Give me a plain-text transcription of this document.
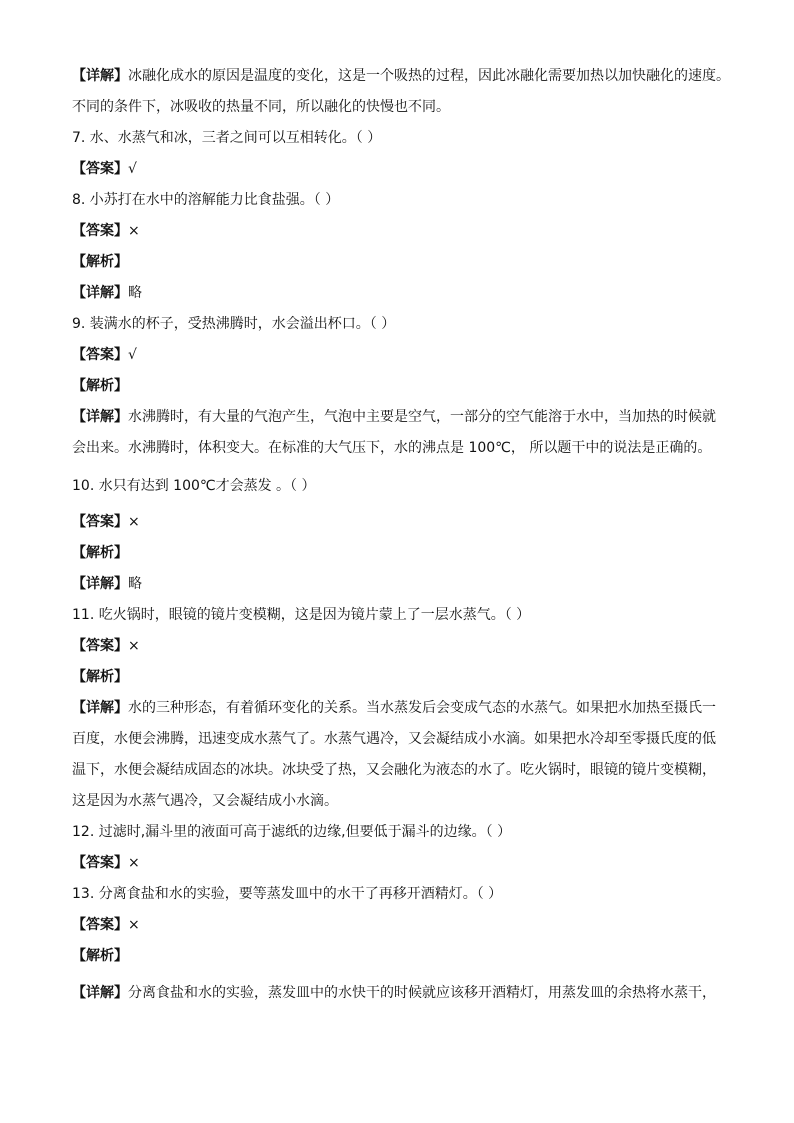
【详解】冰融化成水的原因是温度的变化，这是一个吸热的过程，因此冰融化需要加热以加快融化的速度。
不同的条件下，冰吸收的热量不同，所以融化的快慢也不同。
7. 水、水蒸气和冰，三者之间可以互相转化。（ ）
【答案】√
8. 小苏打在水中的溶解能力比食盐强。（ ）
【答案】×
【解析】
【详解】略
9. 装满水的杯子，受热沸腾时，水会溢出杯口。（ ）
【答案】√
【解析】
【详解】水沸腾时，有大量的气泡产生，气泡中主要是空气，一部分的空气能溶于水中，当加热的时候就
会出来。水沸腾时，体积变大。在标准的大气压下，水的沸点是 100℃， 所以题干中的说法是正确的。
10. 水只有达到 100℃才会蒸发 。（ ）
【答案】×
【解析】
【详解】略
11. 吃火锅时，眼镜的镜片变模糊，这是因为镜片蒙上了一层水蒸气。（ ）
【答案】×
【解析】
【详解】水的三种形态，有着循环变化的关系。当水蒸发后会变成气态的水蒸气。如果把水加热至摄氏一
百度，水便会沸腾，迅速变成水蒸气了。水蒸气遇冷，又会凝结成小水滴。如果把水冷却至零摄氏度的低
温下，水便会凝结成固态的冰块。冰块受了热，又会融化为液态的水了。吃火锅时，眼镜的镜片变模糊，
这是因为水蒸气遇冷，又会凝结成小水滴。
12. 过滤时,漏斗里的液面可高于滤纸的边缘,但要低于漏斗的边缘。（ ）
【答案】×
13. 分离食盐和水的实验，要等蒸发皿中的水干了再移开酒精灯。（ ）
【答案】×
【解析】
【详解】分离食盐和水的实验，蒸发皿中的水快干的时候就应该移开酒精灯，用蒸发皿的余热将水蒸干，
